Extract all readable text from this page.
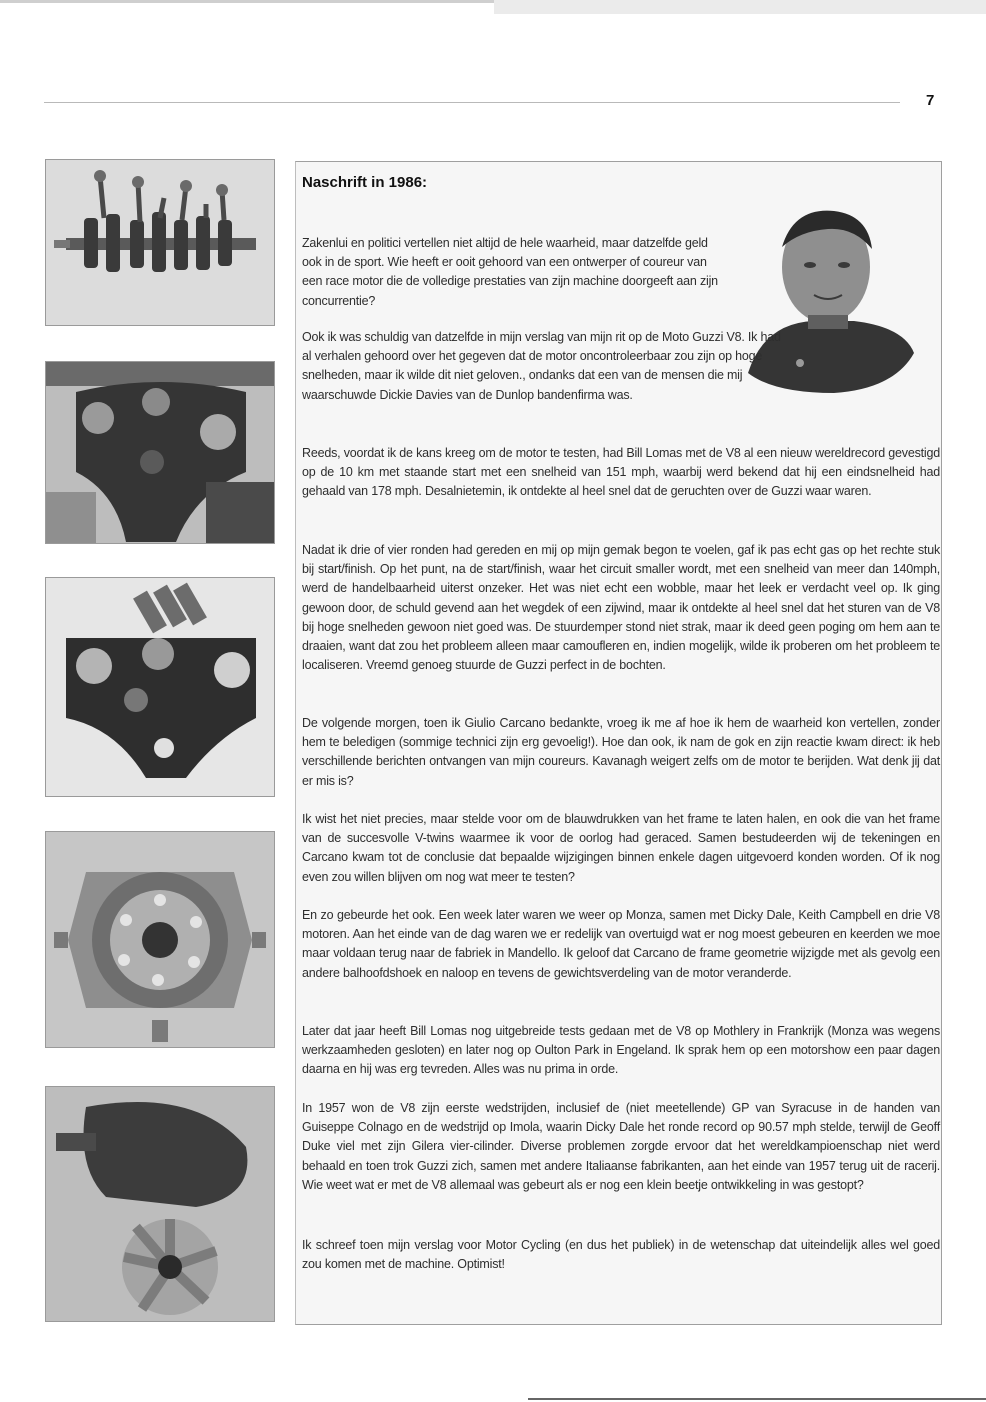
7
Naschrift in 1986:

Zakenlui en politici vertellen niet altijd de hele waarheid, maar datzelfde geld ook in de sport. Wie heeft er ooit gehoord van een ontwerper of coureur van een race motor die de volledige prestaties van zijn machine doorgeeft aan zijn concurrentie?

Ook ik was schuldig van datzelfde in mijn verslag van mijn rit op de Moto Guzzi V8. Ik had al verhalen gehoord over het gegeven dat de motor oncontroleerbaar zou zijn op hoge snelheden, maar ik wilde dit niet geloven., ondanks dat een van de mensen die mij waarschuwde Dickie Davies van de Dunlop bandenfirma was.

Reeds, voordat ik de kans kreeg om de motor te testen, had Bill Lomas met de V8 al een nieuw wereldrecord gevestigd op de 10 km met staande start met een snelheid van 151 mph, waarbij werd bekend dat hij een eindsnelheid had gehaald van 178 mph. Desalnietemin, ik ontdekte al heel snel dat de geruchten over de Guzzi waar waren.

Nadat ik drie of vier ronden had gereden en mij op mijn gemak begon te voelen, gaf ik pas echt gas op het rechte stuk bij start/finish. Op het punt, na de start/finish, waar het circuit smaller wordt, met een snelheid van meer dan 140mph, werd de handelbaarheid uiterst onzeker. Het was niet echt een wobble, maar het leek er verdacht veel op. Ik ging gewoon door, de schuld gevend aan het wegdek of een zijwind, maar ik ontdekte al heel snel dat het sturen van de V8 bij hoge snelheden gewoon niet goed was. De stuurdemper stond niet strak, maar ik deed geen poging om hem aan te draaien, want dat zou het probleem alleen maar camoufleren en, indien mogelijk, wilde ik proberen om het probleem te localiseren. Vreemd genoeg stuurde de Guzzi perfect in de bochten.

De volgende morgen, toen ik Giulio Carcano bedankte, vroeg ik me af hoe ik hem de waarheid kon vertellen, zonder hem te beledigen (sommige technici zijn erg gevoelig!). Hoe dan ook, ik nam de gok en zijn reactie kwam direct: ik heb verschillende berichten ontvangen van mijn coureurs. Kavanagh weigert zelfs om de motor te berijden. Wat denk jij dat er mis is?

Ik wist het niet precies, maar stelde voor om de blauwdrukken van het frame te laten halen, en ook die van het frame van de succesvolle V-twins waarmee ik voor de oorlog had geraced. Samen bestudeerden wij de tekeningen en Carcano kwam tot de conclusie dat bepaalde wijzigingen binnen enkele dagen uitgevoerd konden worden. Of ik nog even zou willen blijven om nog wat meer te testen?

En zo gebeurde het ook. Een week later waren we weer op Monza, samen met Dicky Dale, Keith Campbell en drie V8 motoren. Aan het einde van de dag waren we er redelijk van overtuigd wat er nog moest gebeuren en keerden we moe maar voldaan terug naar de fabriek in Mandello. Ik geloof dat Carcano de frame geometrie wijzigde met als gevolg een andere balhoofdshoek en naloop en tevens de gewichtsverdeling van de motor veranderde.

Later dat jaar heeft Bill Lomas nog uitgebreide tests gedaan met de V8 op Mothlery in Frankrijk (Monza was wegens werkzaamheden gesloten) en later nog op Oulton Park in Engeland. Ik sprak hem op een motorshow een paar dagen daarna en hij was erg tevreden. Alles was nu prima in orde.

In 1957 won de V8 zijn eerste wedstrijden, inclusief de (niet meetellende) GP van Syracuse in de handen van Guiseppe Colnago en de wedstrijd op Imola, waarin Dicky Dale het ronde record op 90.57 mph stelde, terwijl de Geoff Duke viel met zijn Gilera vier-cilinder. Diverse problemen zorgde ervoor dat het wereldkampioenschap niet werd behaald en toen trok Guzzi zich, samen met andere Italiaanse fabrikanten, aan het einde van 1957 terug uit de racerij. Wie weet wat er met de V8 allemaal was gebeurt als er nog een klein beetje ontwikkeling in was gestopt?

Ik schreef toen mijn verslag voor Motor Cycling (en dus het publiek) in de wetenschap dat uiteindelijk alles wel goed zou komen met de machine. Optimist!
